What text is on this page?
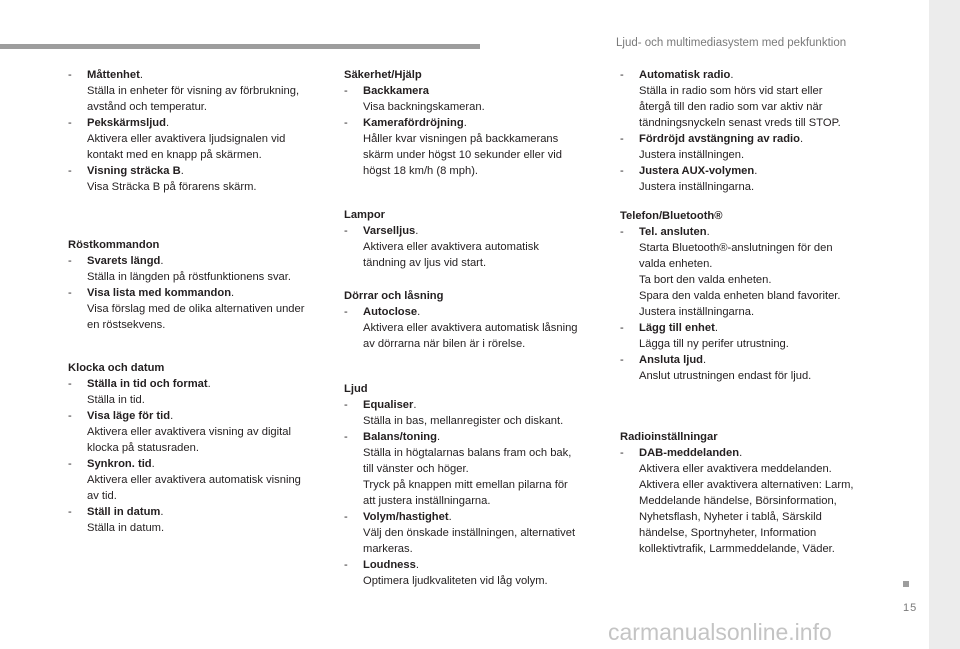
Ljud- och multimediasystem med pekfunktion
15
carmanualsonline.info
- Måttenhet.
Ställa in enheter för visning av förbrukning,
avstånd och temperatur.
- Pekskärmsljud.
Aktivera eller avaktivera ljudsignalen vid
kontakt med en knapp på skärmen.
- Visning sträcka B.
Visa Sträcka B på förarens skärm.
Röstkommandon
- Svarets längd.
Ställa in längden på röstfunktionens svar.
- Visa lista med kommandon.
Visa förslag med de olika alternativen under
en röstsekvens.
Klocka och datum
- Ställa in tid och format.
Ställa in tid.
- Visa läge för tid.
Aktivera eller avaktivera visning av digital
klocka på statusraden.
- Synkron. tid.
Aktivera eller avaktivera automatisk visning
av tid.
- Ställ in datum.
Ställa in datum.
Säkerhet/Hjälp
- Backkamera
Visa backningskameran.
- Kamerafördröjning.
Håller kvar visningen på backkamerans
skärm under högst 10 sekunder eller vid
högst 18 km/h (8 mph).
Lampor
- Varselljus.
Aktivera eller avaktivera automatisk
tändning av ljus vid start.
Dörrar och låsning
- Autoclose.
Aktivera eller avaktivera automatisk låsning
av dörrarna när bilen är i rörelse.
Ljud
- Equaliser.
Ställa in bas, mellanregister och diskant.
- Balans/toning.
Ställa in högtalarnas balans fram och bak,
till vänster och höger.
Tryck på knappen mitt emellan pilarna för
att justera inställningarna.
- Volym/hastighet.
Välj den önskade inställningen, alternativet
markeras.
- Loudness.
Optimera ljudkvaliteten vid låg volym.
- Automatisk radio.
Ställa in radio som hörs vid start eller
återgå till den radio som var aktiv när
tändningsnyckeln senast vreds till STOP.
- Fördröjd avstängning av radio.
Justera inställningen.
- Justera AUX-volymen.
Justera inställningarna.
Telefon/Bluetooth®
- Tel. ansluten.
Starta Bluetooth®-anslutningen för den
valda enheten.
Ta bort den valda enheten.
Spara den valda enheten bland favoriter.
Justera inställningarna.
- Lägg till enhet.
Lägga till ny perifer utrustning.
- Ansluta ljud.
Anslut utrustningen endast för ljud.
Radioinställningar
- DAB-meddelanden.
Aktivera eller avaktivera meddelanden.
Aktivera eller avaktivera alternativen: Larm,
Meddelande händelse, Börsinformation,
Nyhetsflash, Nyheter i tablå, Särskild
händelse, Sportnyheter, Information
kollektivtrafik, Larmmeddelande, Väder.
